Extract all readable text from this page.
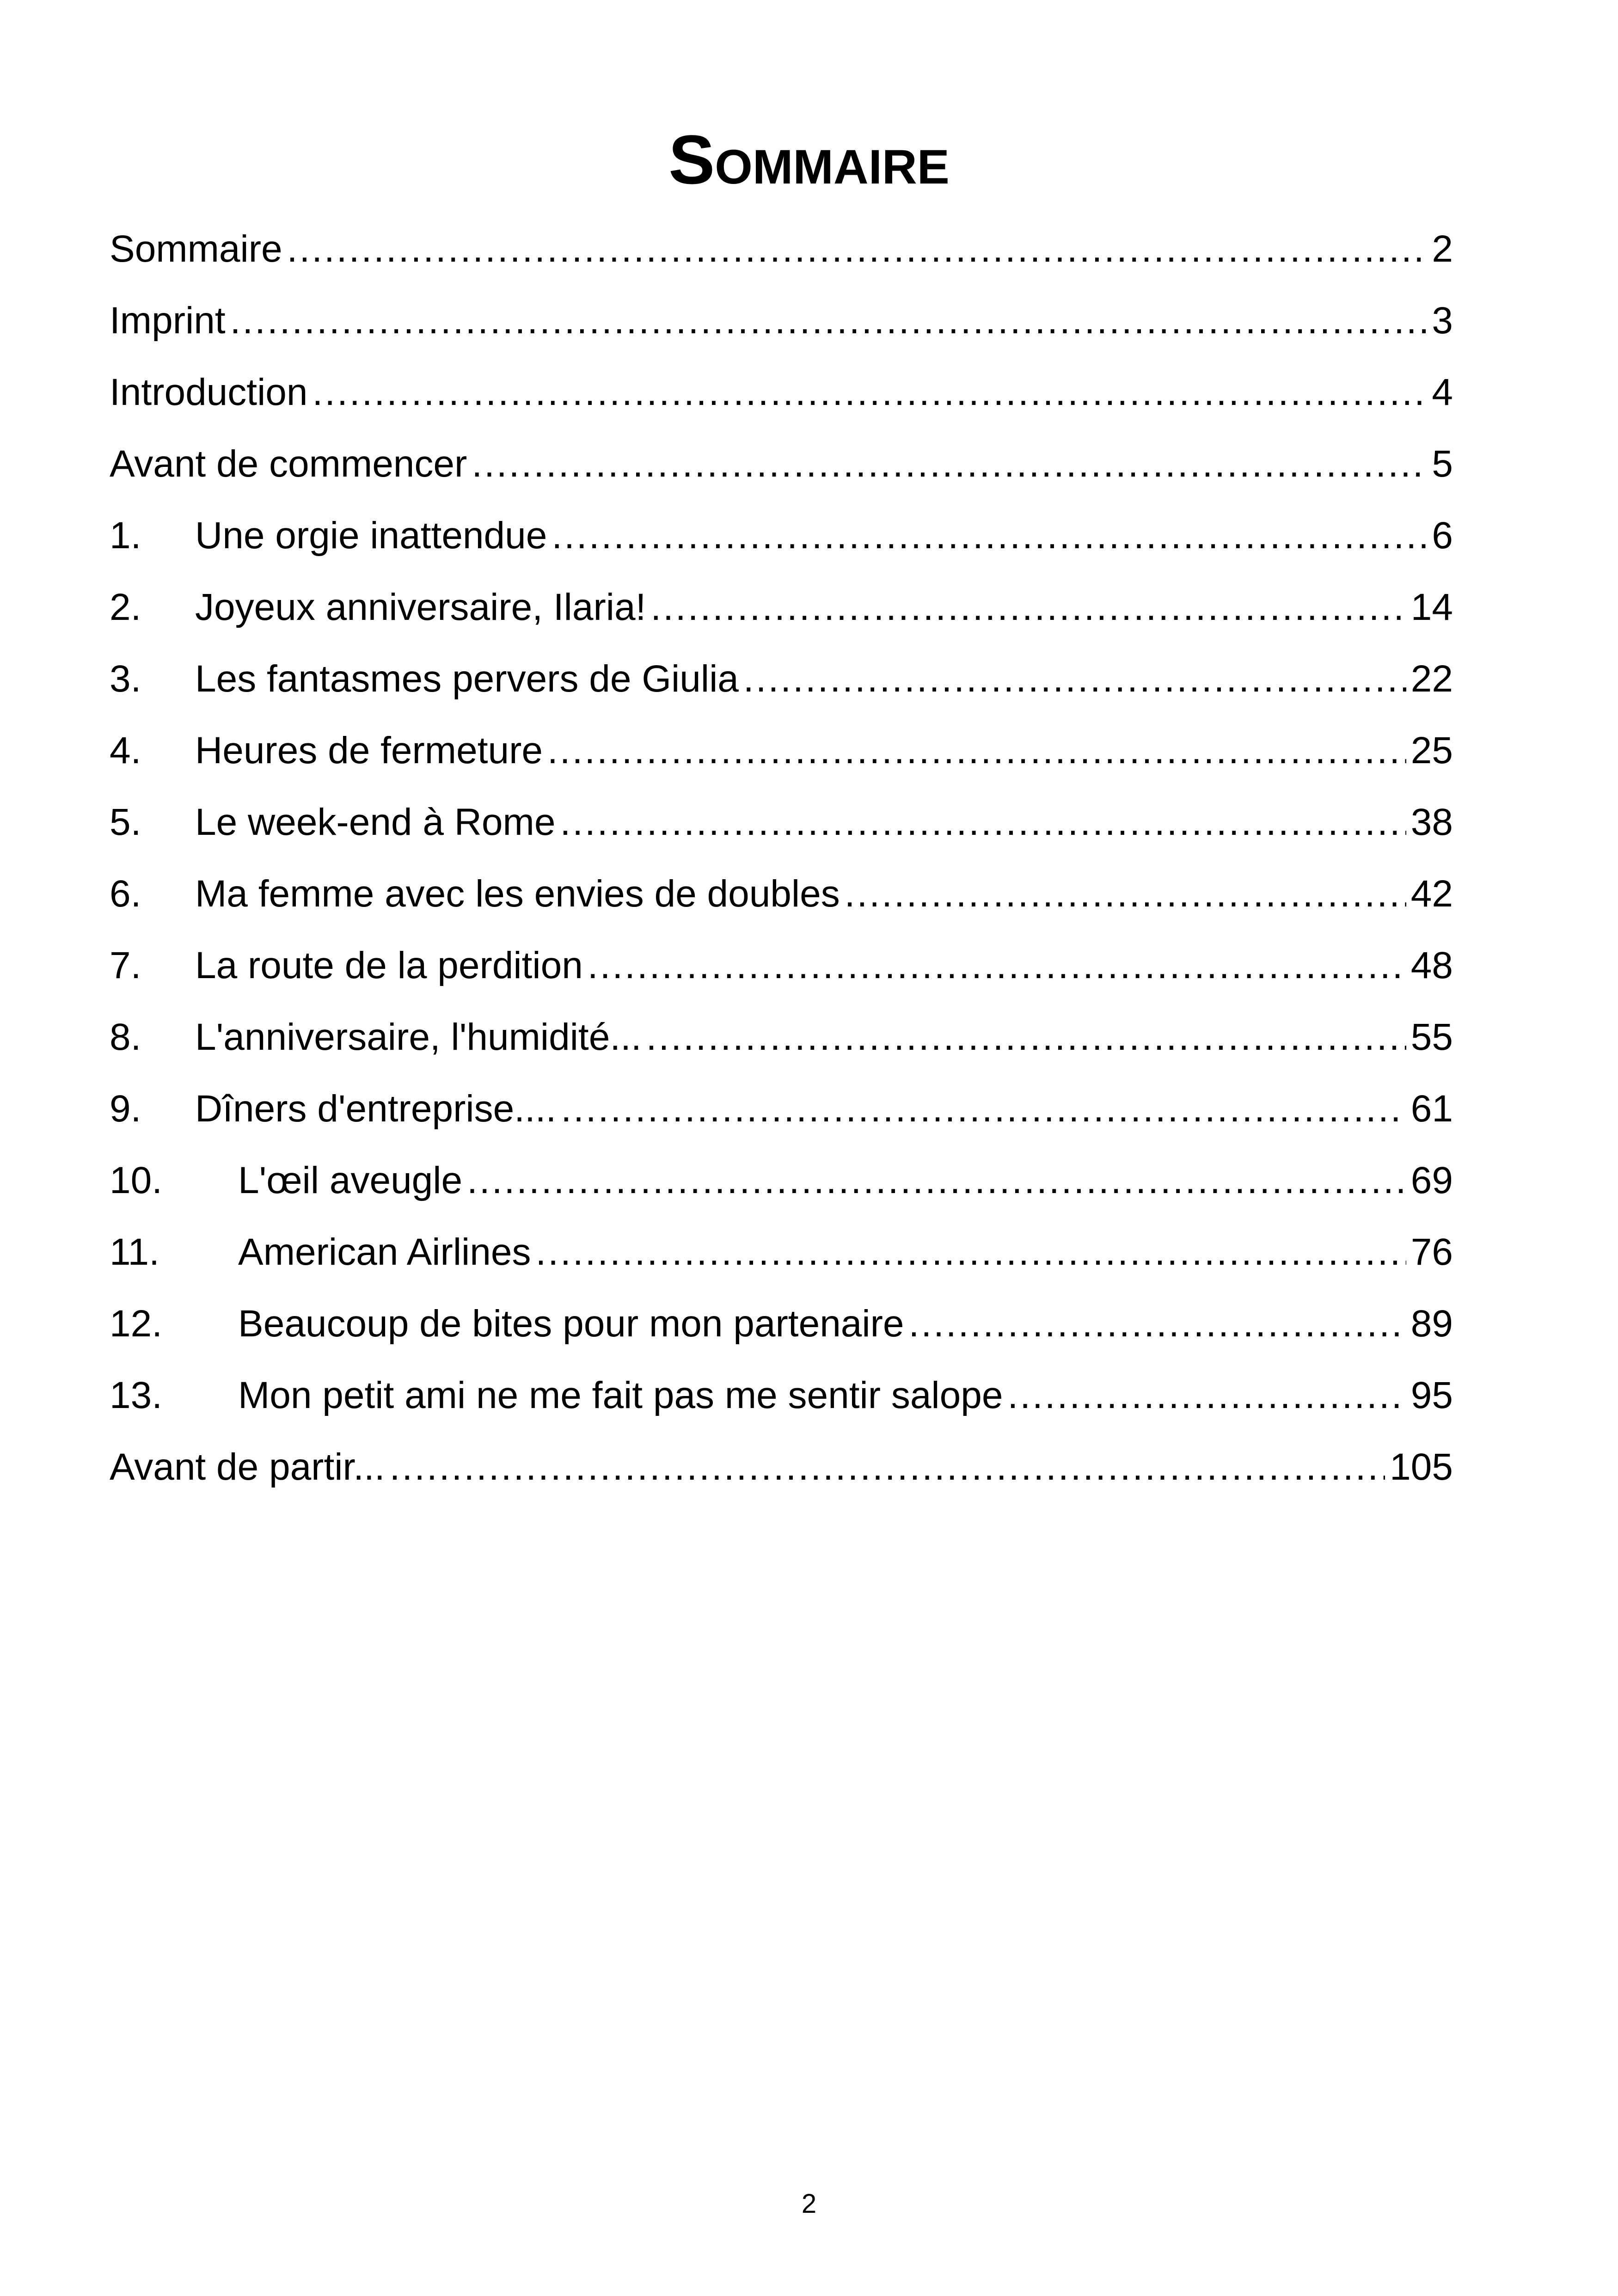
Sommaire
Sommaire .....	2
Imprint .....	3
Introduction .....	4
Avant de commencer .....	5
1.	Une orgie inattendue .....	6
2.	Joyeux anniversaire, Ilaria! .....	14
3.	Les fantasmes pervers de Giulia .....	22
4.	Heures de fermeture .....	25
5.	Le week-end à Rome .....	38
6.	Ma femme avec les envies de doubles .....	42
7.	La route de la perdition .....	48
8.	L'anniversaire, l'humidité... .....	55
9.	Dîners d'entreprise.... .....	61
10.	L'œil aveugle .....	69
11.	American Airlines .....	76
12.	Beaucoup de bites pour mon partenaire .....	89
13.	Mon petit ami ne me fait pas me sentir salope .....	95
Avant de partir... .....	105
2
